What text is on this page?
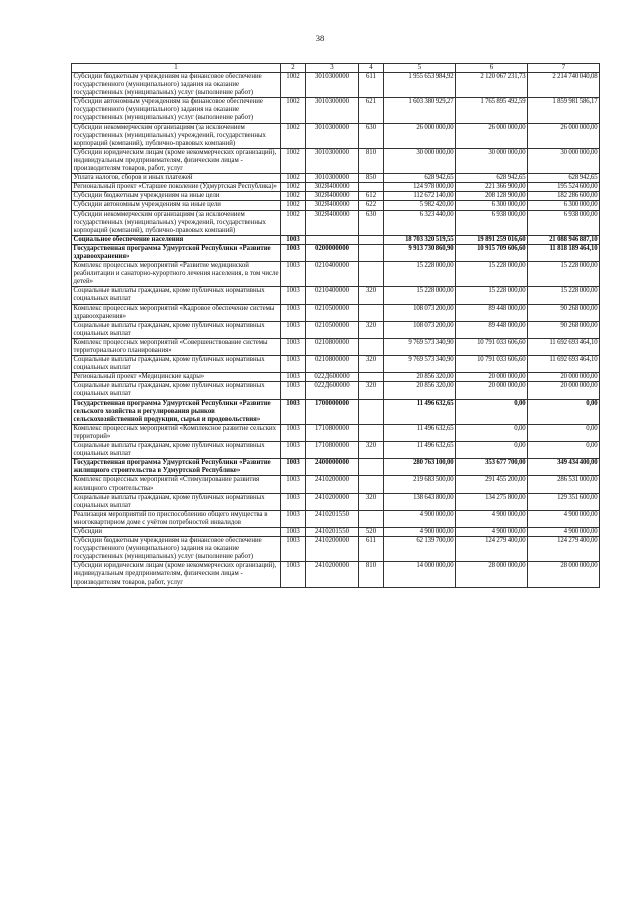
38
1	2	3	4	5	6	7
Субсидии бюджетным учреждениям на финансовое обеспечение государственного (муниципального) задания на оказание государственных (муниципальных) услуг (выполнение работ)	1002	3010300000	611	1 955 653 984,92	2 120 067 231,73	2 214 740 040,08
Субсидии автономным учреждениям на финансовое обеспечение государственного (муниципального) задания на оказание государственных (муниципальных) услуг (выполнение работ)	1002	3010300000	621	1 603 380 929,27	1 765 895 492,59	1 859 981 586,17
Субсидии некоммерческим организациям (за исключением государственных (муниципальных) учреждений, государственных корпораций (компаний), публично-правовых компаний)	1002	3010300000	630	26 000 000,00	26 000 000,00	26 000 000,00
Субсидии юридическим лицам (кроме некоммерческих организаций), индивидуальным предпринимателям, физическим лицам - производителям товаров, работ, услуг	1002	3010300000	810	30 000 000,00	30 000 000,00	30 000 000,00
Уплата налогов, сборов и иных платежей	1002	3010300000	850	628 942,65	628 942,65	628 942,65
Региональный проект «Старшее поколение (Удмуртская Республика)»	1002	302Я400000		124 978 000,00	221 366 900,00	195 524 600,00
Субсидии бюджетным учреждениям на иные цели	1002	302Я400000	612	112 672 140,00	208 128 900,00	182 286 600,00
Субсидии автономным учреждениям на иные цели	1002	302Я400000	622	5 982 420,00	6 300 000,00	6 300 000,00
Субсидии некоммерческим организациям (за исключением государственных (муниципальных) учреждений, государственных корпораций (компаний), публично-правовых компаний)	1002	302Я400000	630	6 323 440,00	6 938 000,00	6 938 000,00
Социальное обеспечение населения	1003			18 703 320 519,55	19 891 259 016,60	21 088 946 887,10
Государственная программа Удмуртской Республики «Развитие здравоохранения»	1003	0200000000		9 913 730 860,90	10 915 709 606,60	11 818 189 464,10
Комплекс процессных мероприятий «Развитие медицинской реабилитации и санаторно-курортного лечения населения, в том числе детей»	1003	0210400000		15 228 000,00	15 228 000,00	15 228 000,00
Социальные выплаты гражданам, кроме публичных нормативных социальных выплат	1003	0210400000	320	15 228 000,00	15 228 000,00	15 228 000,00
Комплекс процессных мероприятий «Кадровое обеспечение системы здравоохранения»	1003	0210500000		108 073 200,00	89 448 000,00	90 268 000,00
Социальные выплаты гражданам, кроме публичных нормативных социальных выплат	1003	0210500000	320	108 073 200,00	89 448 000,00	90 268 000,00
Комплекс процессных мероприятий «Совершенствование системы территориального планирования»	1003	0210800000		9 769 573 340,90	10 791 033 606,60	11 692 693 464,10
Социальные выплаты гражданам, кроме публичных нормативных социальных выплат	1003	0210800000	320	9 769 573 340,90	10 791 033 606,60	11 692 693 464,10
Региональный проект «Медицинские кадры»	1003	022Д600000		20 856 320,00	20 000 000,00	20 000 000,00
Социальные выплаты гражданам, кроме публичных нормативных социальных выплат	1003	022Д600000	320	20 856 320,00	20 000 000,00	20 000 000,00
Государственная программа Удмуртской Республики «Развитие сельского хозяйства и регулирования рынков сельскохозяйственной продукции, сырья и продовольствия»	1003	1700000000		11 496 632,65	0,00	0,00
Комплекс процессных мероприятий «Комплексное развитие сельских территорий»	1003	1710800000		11 496 632,65	0,00	0,00
Социальные выплаты гражданам, кроме публичных нормативных социальных выплат	1003	1710800000	320	11 496 632,65	0,00	0,00
Государственная программа Удмуртской Республики «Развитие жилищного строительства в Удмуртской Республике»	1003	2400000000		280 763 100,00	353 677 700,00	349 434 400,00
Комплекс процессных мероприятий «Стимулирование развития жилищного строительства»	1003	2410200000		219 683 500,00	291 455 200,00	286 531 000,00
Социальные выплаты гражданам, кроме публичных нормативных социальных выплат	1003	2410200000	320	138 643 800,00	134 275 800,00	129 351 600,00
Реализация мероприятий по приспособлению общего имущества в многоквартирном доме с учётом потребностей инвалидов	1003	2410201550		4 900 000,00	4 900 000,00	4 900 000,00
Субсидии	1003	2410201550	520	4 900 000,00	4 900 000,00	4 900 000,00
Субсидии бюджетным учреждениям на финансовое обеспечение государственного (муниципального) задания на оказание государственных (муниципальных) услуг (выполнение работ)	1003	2410200000	611	62 139 700,00	124 279 400,00	124 279 400,00
Субсидии юридическим лицам (кроме некоммерческих организаций), индивидуальным предпринимателям, физическим лицам - производителям товаров, работ, услуг	1003	2410200000	810	14 000 000,00	28 000 000,00	28 000 000,00
